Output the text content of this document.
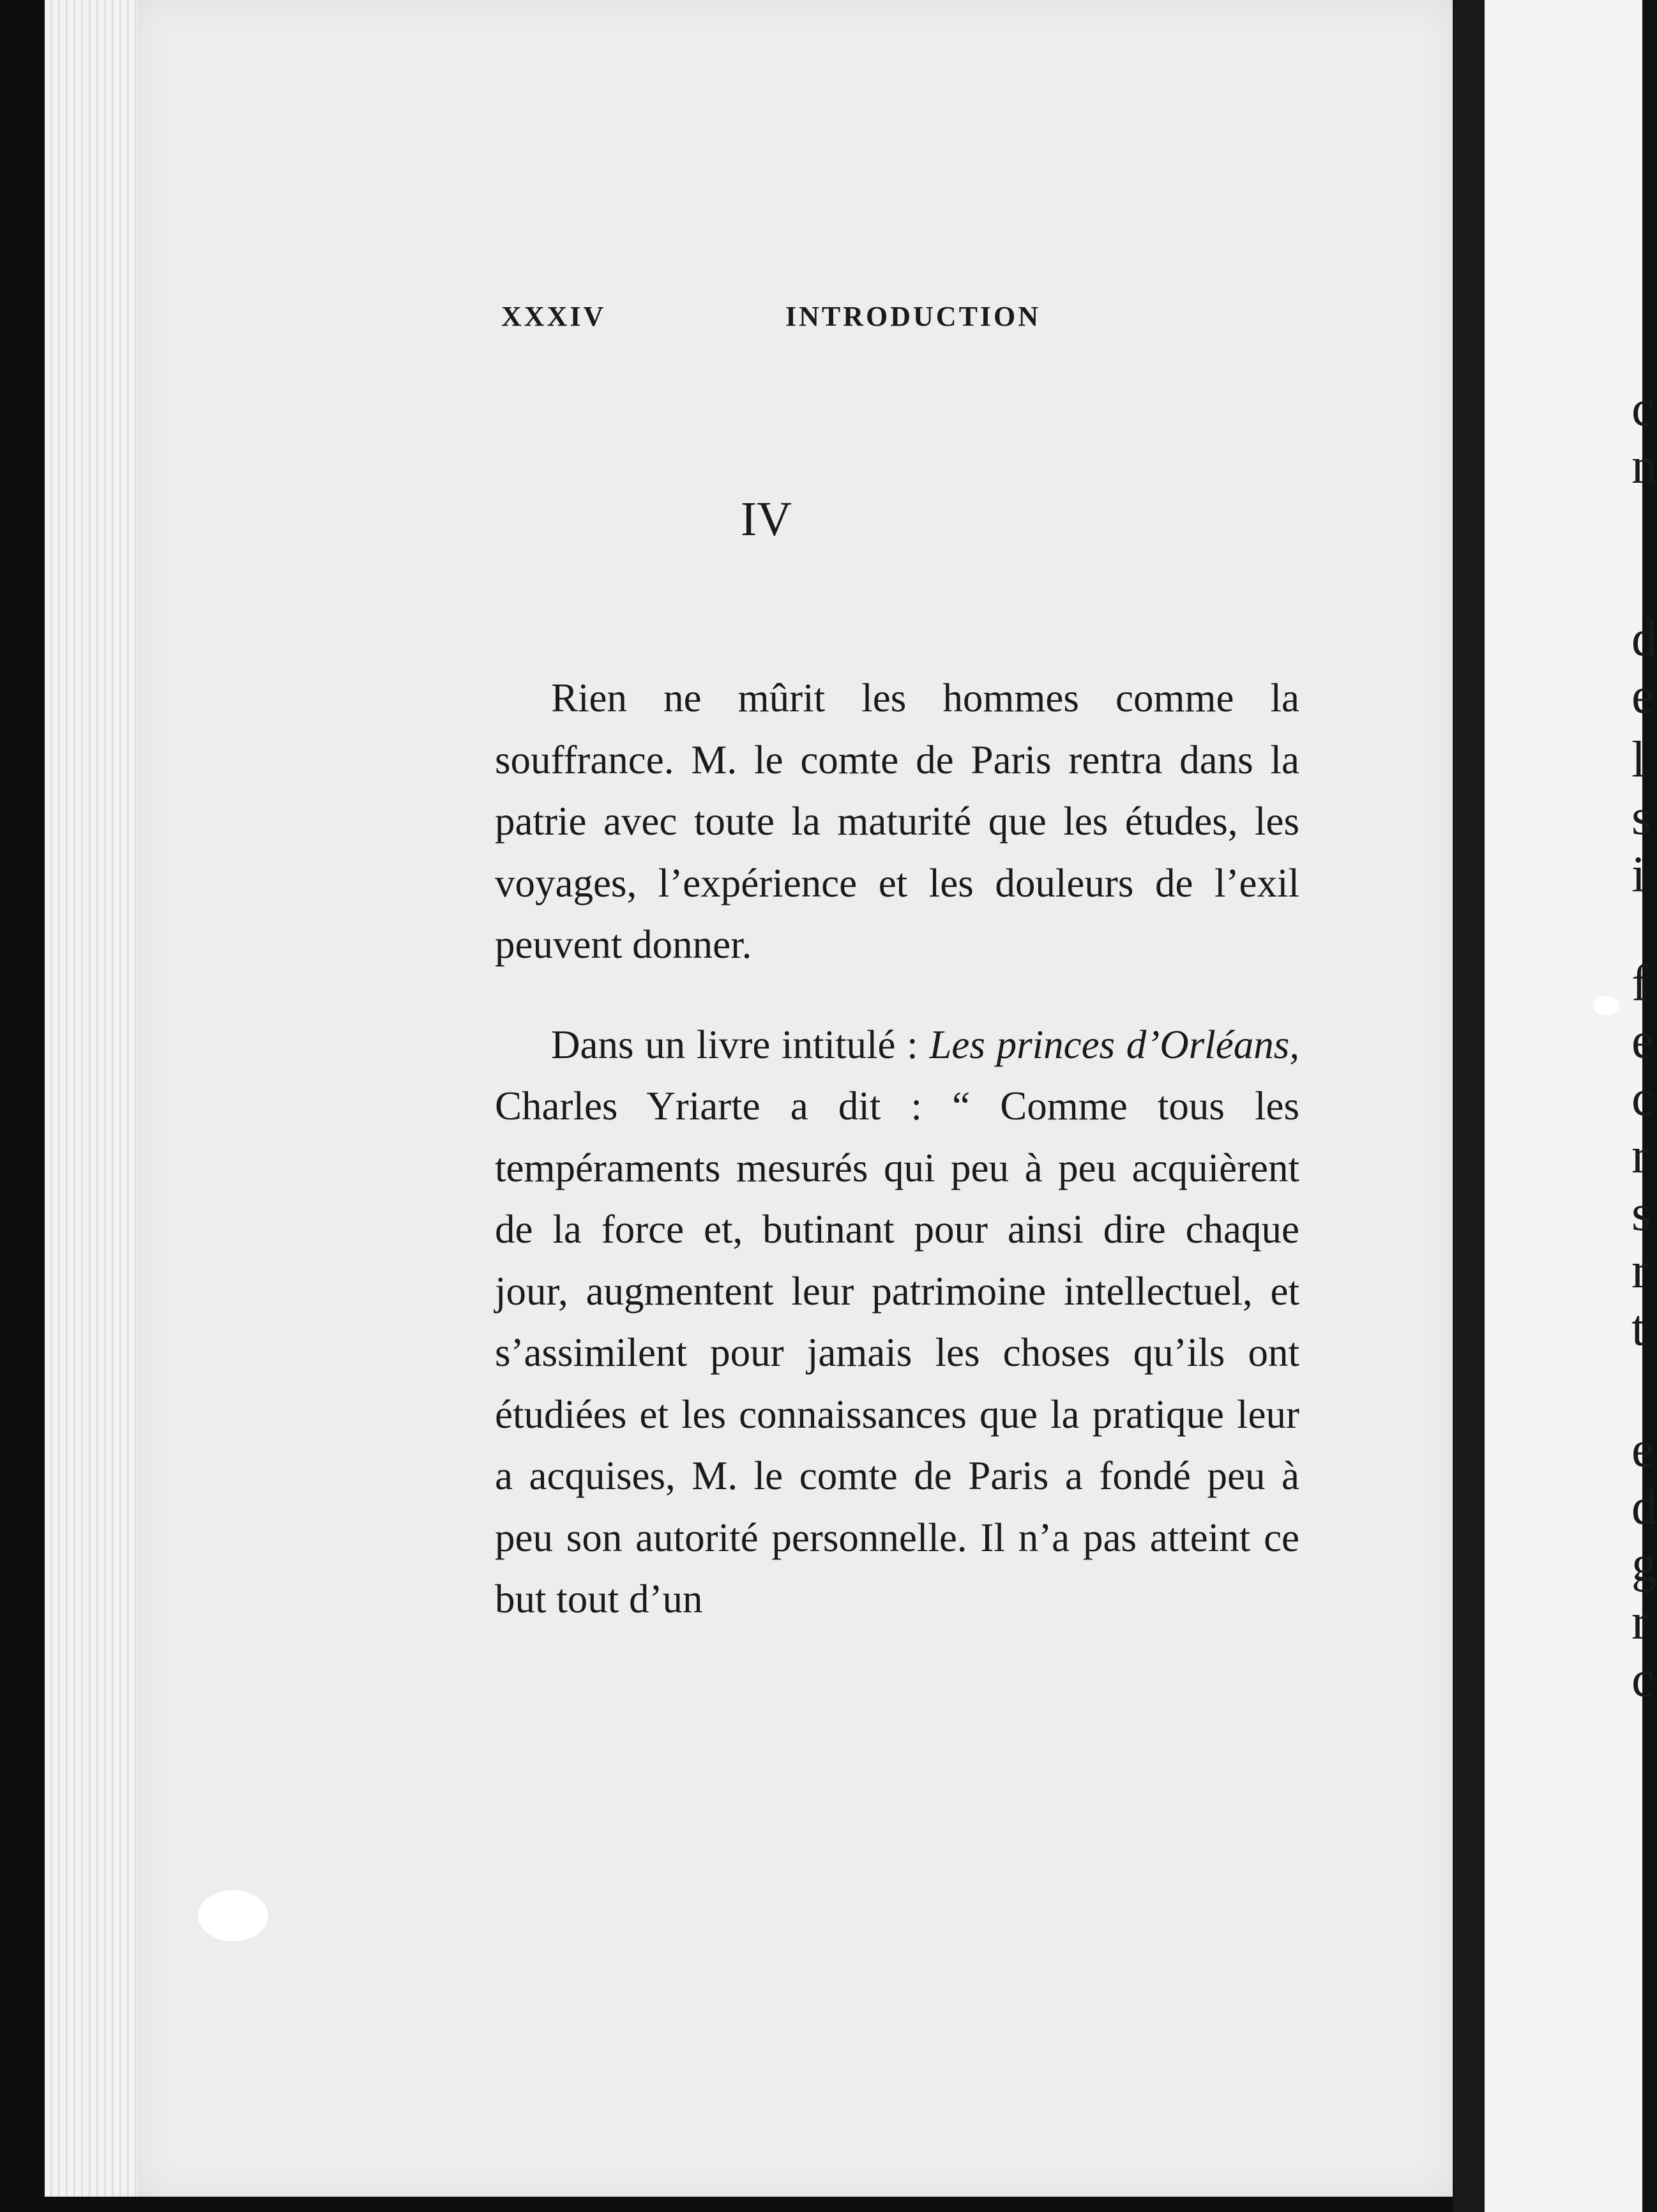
XXXIV	INTRODUCTION
IV

Rien ne mûrit les hommes comme la souffrance. M. le comte de Paris rentra dans la patrie avec toute la maturité que les études, les voyages, l’expérience et les douleurs de l’exil peuvent donner.

Dans un livre intitulé : Les princes d’Orléans, Charles Yriarte a dit : “ Comme tous les tempéraments mesurés qui peu à peu acquièrent de la force et, butinant pour ainsi dire chaque jour, augmentent leur patrimoine intellectuel, et s’assimilent pour jamais les choses qu’ils ont étudiées et les connaissances que la pratique leur a acquises, M. le comte de Paris a fondé peu à peu son autorité personnelle. Il n’a pas atteint ce but tout d’un

c
n
d
e
l
s
i
f
e
c
r
s
r
t
e
d
g
r
c
